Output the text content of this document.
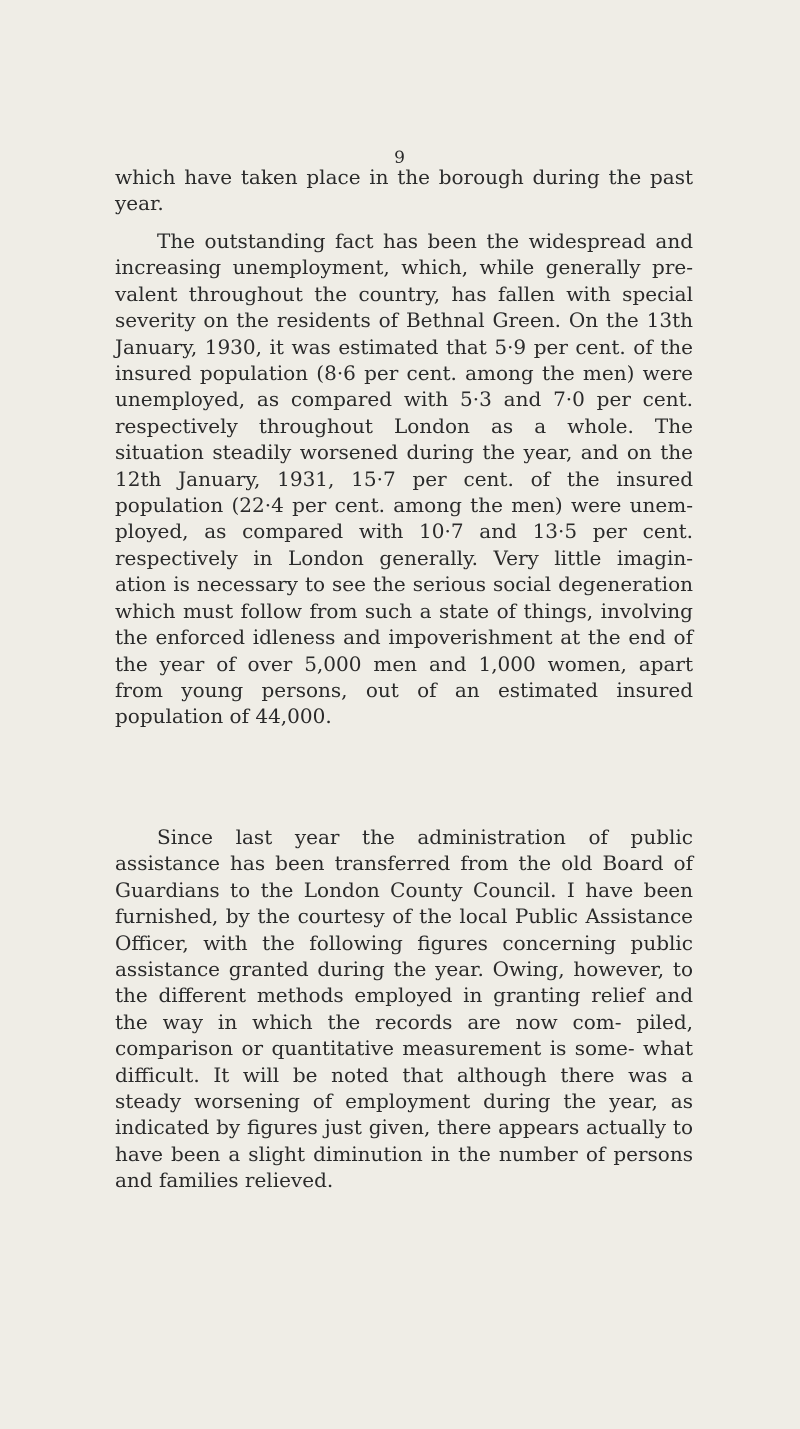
9

which have taken place in the borough during the past year.

The outstanding fact has been the widespread and increasing unemployment, which, while generally pre- valent throughout the country, has fallen with special severity on the residents of Bethnal Green. On the 13th January, 1930, it was estimated that 5·9 per cent. of the insured population (8·6 per cent. among the men) were unemployed, as compared with 5·3 and 7·0 per cent. respectively throughout London as a whole. The situation steadily worsened during the year, and on the 12th January, 1931, 15·7 per cent. of the insured population (22·4 per cent. among the men) were unem- ployed, as compared with 10·7 and 13·5 per cent. respectively in London generally. Very little imagin- ation is necessary to see the serious social degeneration which must follow from such a state of things, involving the enforced idleness and impoverishment at the end of the year of over 5,000 men and 1,000 women, apart from young persons, out of an estimated insured population of 44,000.

Since last year the administration of public assistance has been transferred from the old Board of Guardians to the London County Council. I have been furnished, by the courtesy of the local Public Assistance Officer, with the following figures concerning public assistance granted during the year. Owing, however, to the different methods employed in granting relief and the way in which the records are now com- piled, comparison or quantitative measurement is some- what difficult. It will be noted that although there was a steady worsening of employment during the year, as indicated by figures just given, there appears actually to have been a slight diminution in the number of persons and families relieved.
